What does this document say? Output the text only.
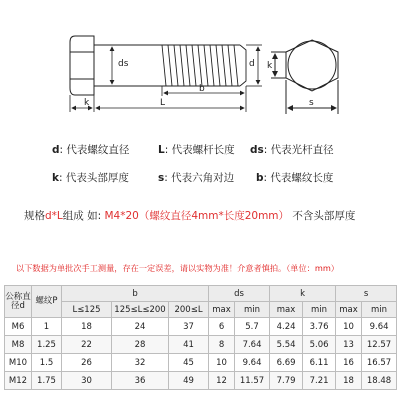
ds	d
b
L
k
k
s
d: 代表螺纹直径	L: 代表螺杆长度 ds: 代表光杆直径
k: 代表头部厚度	s: 代表六角对边 b: 代表螺纹长度
规格d*L组成 如: M4*20（螺纹直径4mm*长度20mm） 不含头部厚度
以下数据为单批次手工测量，存在一定误差，请以实物为准！介意者慎拍。（单位：mm）
公称直径d	螺纹P	b			ds		k		s	
		L≤125	125≤L≤200	200≤L	max	min	max	min	max	min
M6	1	18	24	37	6	5.7	4.24	3.76	10	9.64
M8	1.25	22	28	41	8	7.64	5.54	5.06	13	12.57
M10	1.5	26	32	45	10	9.64	6.69	6.11	16	16.57
M12	1.75	30	36	49	12	11.57	7.79	7.21	18	18.48
